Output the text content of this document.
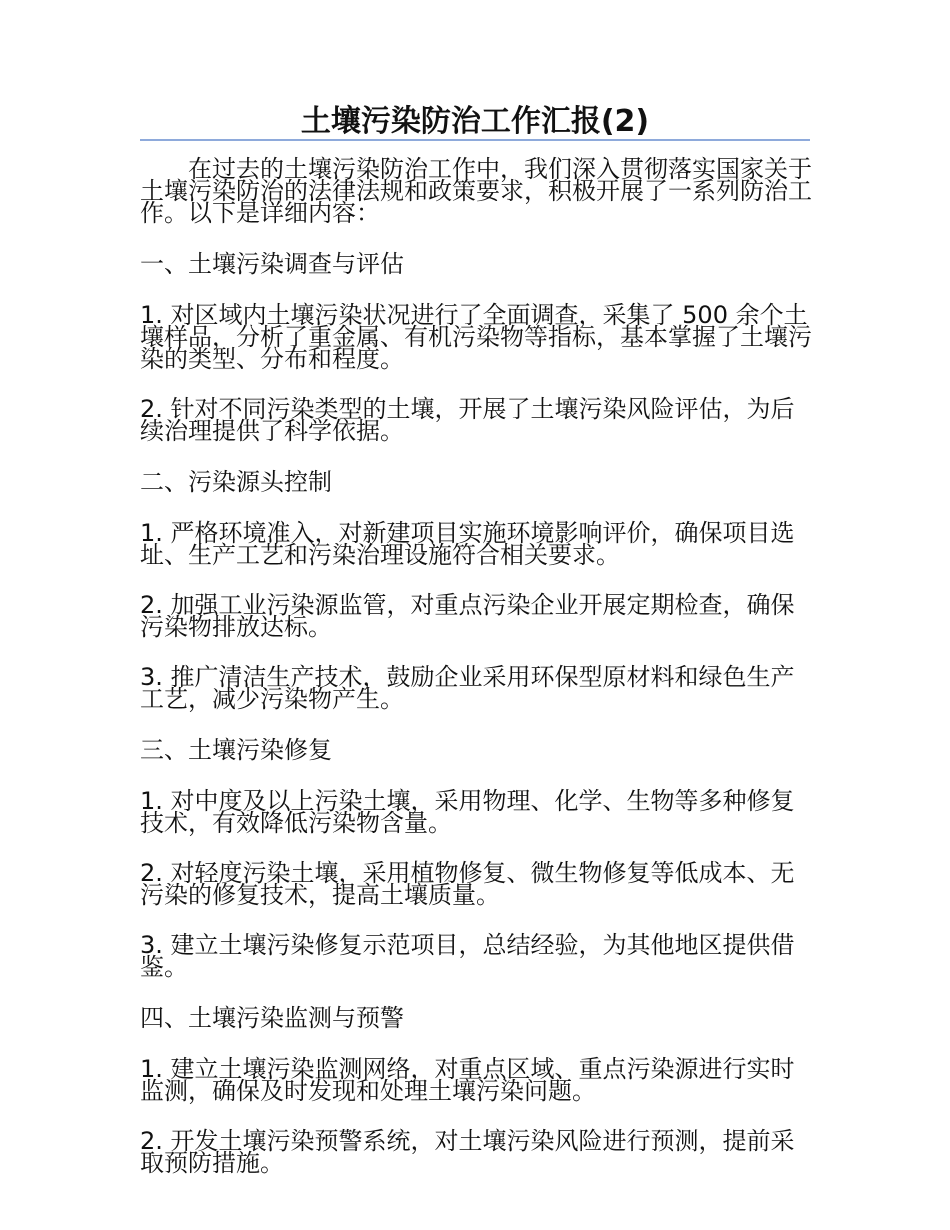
土壤污染防治工作汇报(2)

在过去的土壤污染防治工作中，我们深入贯彻落实国家关于土壤污染防治的法律法规和政策要求，积极开展了一系列防治工作。以下是详细内容：

一、土壤污染调查与评估

1. 对区域内土壤污染状况进行了全面调查，采集了 500 余个土壤样品，分析了重金属、有机污染物等指标，基本掌握了土壤污染的类型、分布和程度。

2. 针对不同污染类型的土壤，开展了土壤污染风险评估，为后续治理提供了科学依据。

二、污染源头控制

1. 严格环境准入，对新建项目实施环境影响评价，确保项目选址、生产工艺和污染治理设施符合相关要求。

2. 加强工业污染源监管，对重点污染企业开展定期检查，确保污染物排放达标。

3. 推广清洁生产技术，鼓励企业采用环保型原材料和绿色生产工艺，减少污染物产生。

三、土壤污染修复

1. 对中度及以上污染土壤，采用物理、化学、生物等多种修复技术，有效降低污染物含量。

2. 对轻度污染土壤，采用植物修复、微生物修复等低成本、无污染的修复技术，提高土壤质量。

3. 建立土壤污染修复示范项目，总结经验，为其他地区提供借鉴。

四、土壤污染监测与预警

1. 建立土壤污染监测网络，对重点区域、重点污染源进行实时监测，确保及时发现和处理土壤污染问题。

2. 开发土壤污染预警系统，对土壤污染风险进行预测，提前采取预防措施。
